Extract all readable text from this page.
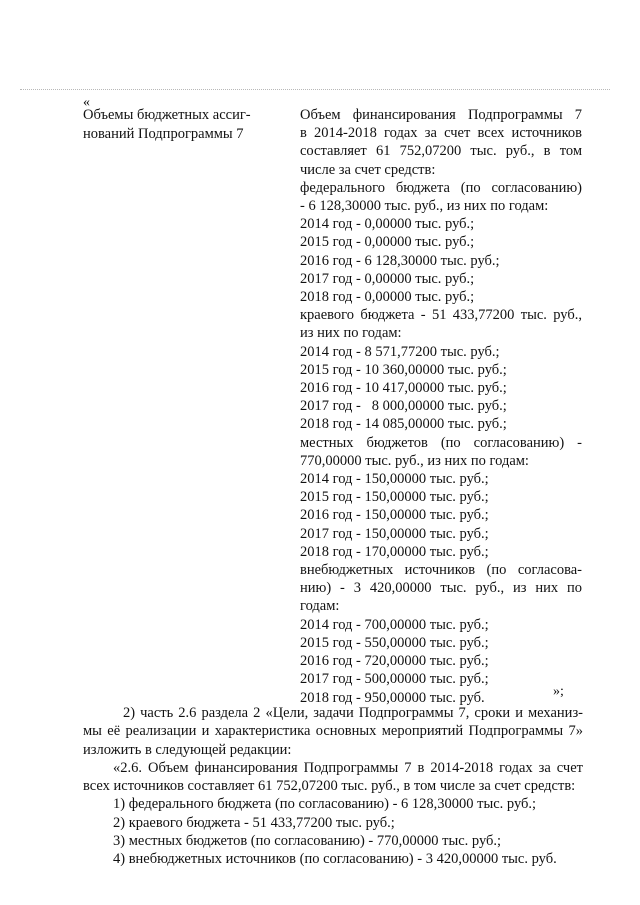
«
Объемы бюджетных ассиг-
нований Подпрограммы 7
Объем финансирования Подпрограммы 7
в 2014-2018 годах за счет всех источников
составляет 61 752,07200 тыс. руб., в том
числе за счет средств:
федерального бюджета (по согласованию)
- 6 128,30000 тыс. руб., из них по годам:
2014 год - 0,00000 тыс. руб.;
2015 год - 0,00000 тыс. руб.;
2016 год - 6 128,30000 тыс. руб.;
2017 год - 0,00000 тыс. руб.;
2018 год - 0,00000 тыс. руб.;
краевого бюджета - 51 433,77200 тыс. руб.,
из них по годам:
2014 год - 8 571,77200 тыс. руб.;
2015 год - 10 360,00000 тыс. руб.;
2016 год - 10 417,00000 тыс. руб.;
2017 год -   8 000,00000 тыс. руб.;
2018 год - 14 085,00000 тыс. руб.;
местных бюджетов (по согласованию) -
770,00000 тыс. руб., из них по годам:
2014 год - 150,00000 тыс. руб.;
2015 год - 150,00000 тыс. руб.;
2016 год - 150,00000 тыс. руб.;
2017 год - 150,00000 тыс. руб.;
2018 год - 170,00000 тыс. руб.;
внебюджетных источников (по согласова-
нию) - 3 420,00000 тыс. руб., из них по
годам:
2014 год - 700,00000 тыс. руб.;
2015 год - 550,00000 тыс. руб.;
2016 год - 720,00000 тыс. руб.;
2017 год - 500,00000 тыс. руб.;
2018 год - 950,00000 тыс. руб.	»;
2) часть 2.6 раздела 2 «Цели, задачи Подпрограммы 7, сроки и механиз-
мы её реализации и характеристика основных мероприятий Подпрограммы 7»
изложить в следующей редакции:
«2.6. Объем финансирования Подпрограммы 7 в 2014-2018 годах за счет
всех источников составляет 61 752,07200 тыс. руб., в том числе за счет средств:
1) федерального бюджета (по согласованию) - 6 128,30000 тыс. руб.;
2) краевого бюджета - 51 433,77200 тыс. руб.;
3) местных бюджетов (по согласованию) - 770,00000 тыс. руб.;
4) внебюджетных источников (по согласованию) - 3 420,00000 тыс. руб.
